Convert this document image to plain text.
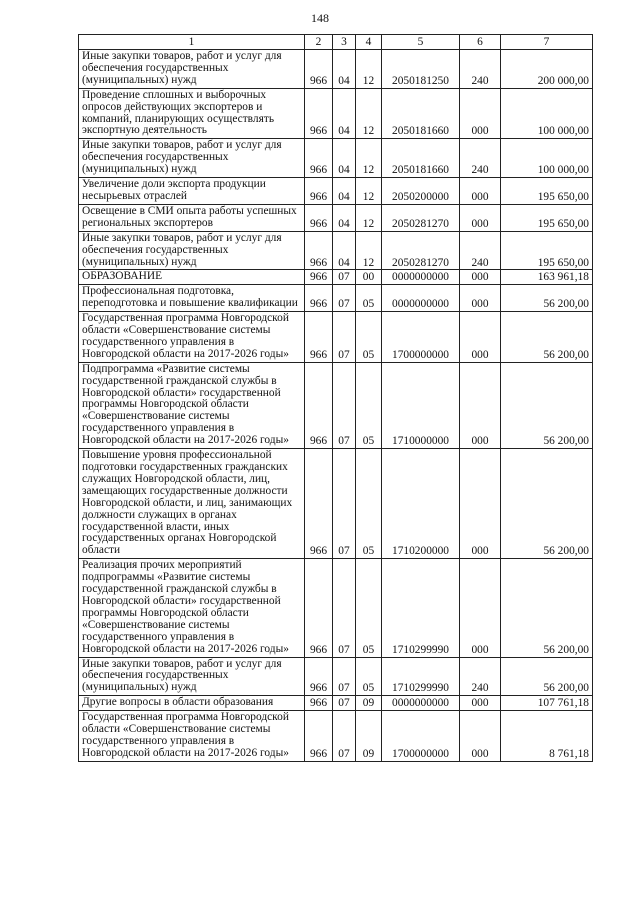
148
1	2	3	4	5	6	7
Иные закупки товаров, работ и услуг для обеспечения государственных (муниципальных) нужд	966	04	12	2050181250	240	200 000,00
Проведение сплошных и выборочных опросов действующих экспортеров и компаний, планирующих осуществлять экспортную деятельность	966	04	12	2050181660	000	100 000,00
Иные закупки товаров, работ и услуг для обеспечения государственных (муниципальных) нужд	966	04	12	2050181660	240	100 000,00
Увеличение доли экспорта продукции несырьевых отраслей	966	04	12	2050200000	000	195 650,00
Освещение в СМИ опыта работы успешных региональных экспортеров	966	04	12	2050281270	000	195 650,00
Иные закупки товаров, работ и услуг для обеспечения государственных (муниципальных) нужд	966	04	12	2050281270	240	195 650,00
ОБРАЗОВАНИЕ	966	07	00	0000000000	000	163 961,18
Профессиональная подготовка, переподготовка и повышение квалификации	966	07	05	0000000000	000	56 200,00
Государственная программа Новгородской области «Совершенствование системы государственного управления в Новгородской области на 2017-2026 годы»	966	07	05	1700000000	000	56 200,00
Подпрограмма «Развитие системы государственной гражданской службы в Новгородской области» государственной программы Новгородской области «Совершенствование системы государственного управления в Новгородской области на 2017-2026 годы»	966	07	05	1710000000	000	56 200,00
Повышение уровня профессиональной подготовки государственных гражданских служащих Новгородской области, лиц, замещающих государственные должности Новгородской области, и лиц, занимающих должности служащих в органах государственной власти, иных государственных органах Новгородской области	966	07	05	1710200000	000	56 200,00
Реализация прочих мероприятий подпрограммы «Развитие системы государственной гражданской службы в Новгородской области» государственной программы Новгородской области «Совершенствование системы государственного управления в Новгородской области на 2017-2026 годы»	966	07	05	1710299990	000	56 200,00
Иные закупки товаров, работ и услуг для обеспечения государственных (муниципальных) нужд	966	07	05	1710299990	240	56 200,00
Другие вопросы в области образования	966	07	09	0000000000	000	107 761,18
Государственная программа Новгородской области «Совершенствование системы государственного управления в Новгородской области на 2017-2026 годы»	966	07	09	1700000000	000	8 761,18
